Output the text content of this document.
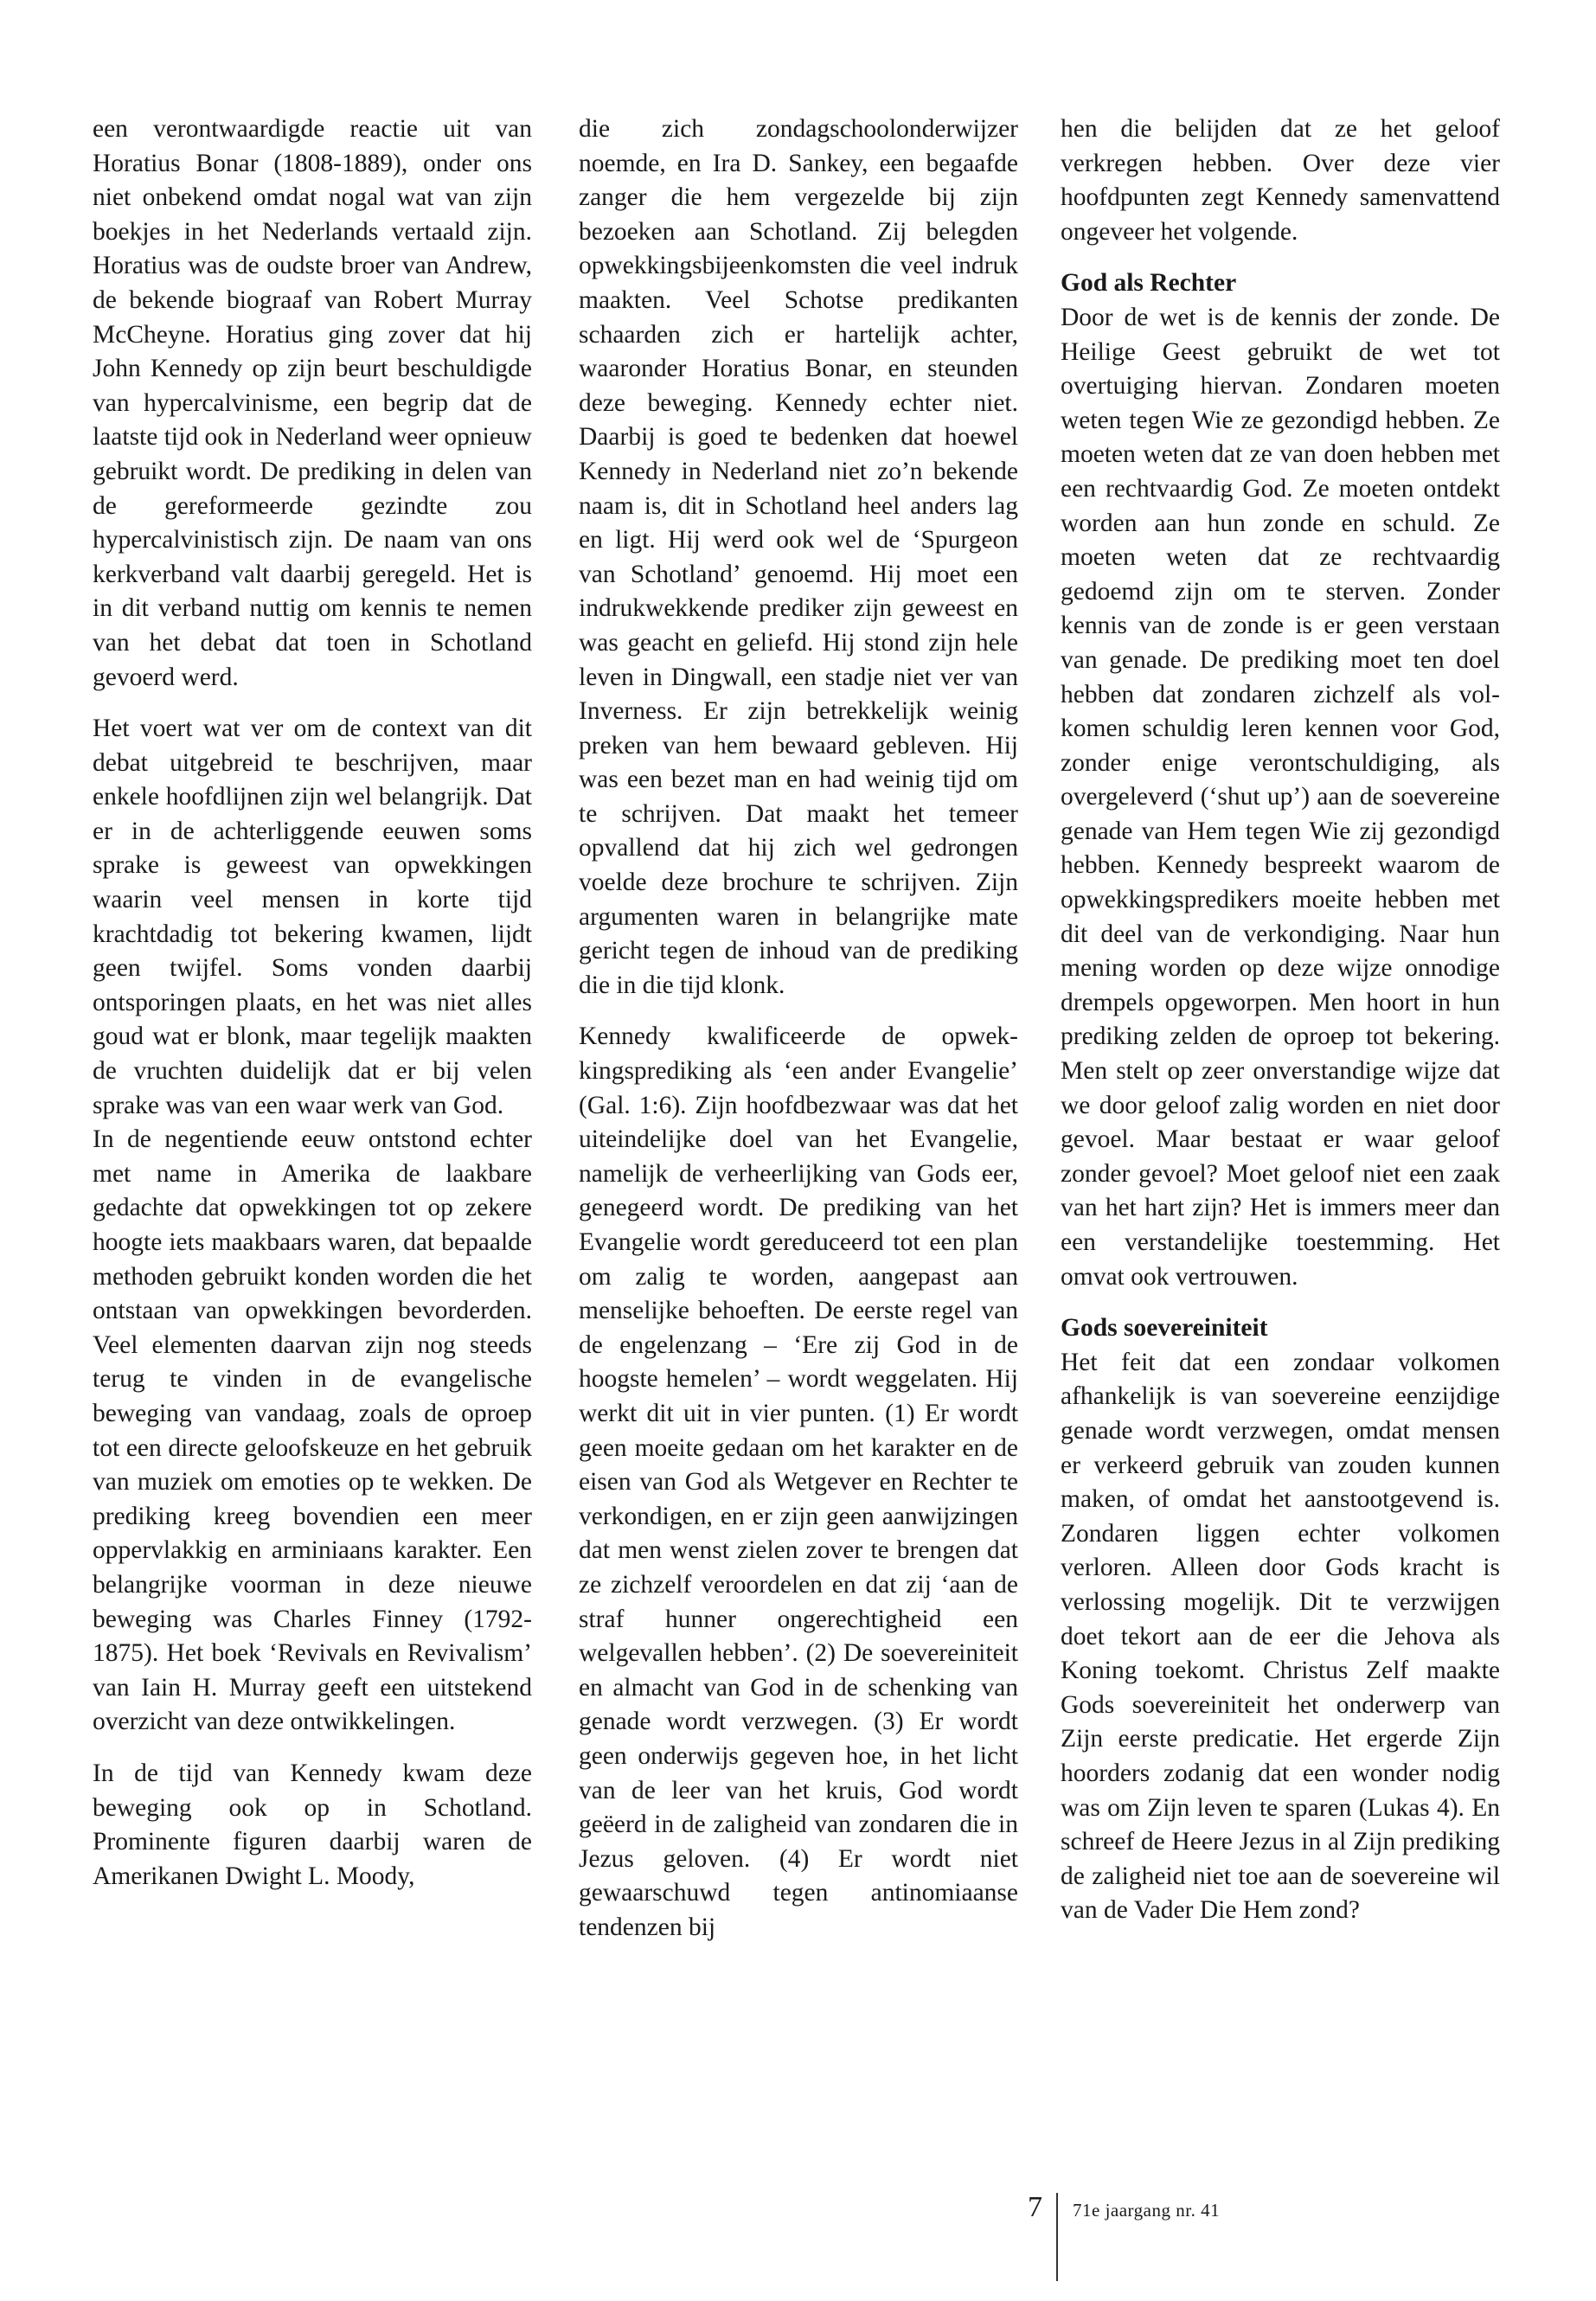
een verontwaardigde reactie uit van Horatius Bonar (1808-1889), onder ons niet onbekend omdat nogal wat van zijn boekjes in het Nederlands vertaald zijn. Horatius was de oudste broer van Andrew, de bekende biograaf van Robert Murray McCheyne. Horatius ging zover dat hij John Kennedy op zijn beurt beschuldigde van hypercalvinisme, een begrip dat de laatste tijd ook in Nederland weer opnieuw gebruikt wordt. De prediking in delen van de gereformeerde gezindte zou hypercalvinistisch zijn. De naam van ons kerkverband valt daarbij geregeld. Het is in dit verband nuttig om kennis te nemen van het debat dat toen in Schotland gevoerd werd.

Het voert wat ver om de context van dit debat uitgebreid te beschrijven, maar enkele hoofdlijnen zijn wel belangrijk. Dat er in de achterliggende eeuwen soms sprake is geweest van opwekkingen waarin veel mensen in korte tijd krachtdadig tot bekering kwamen, lijdt geen twijfel. Soms vonden daarbij ontsporingen plaats, en het was niet alles goud wat er blonk, maar tegelijk maakten de vruchten duidelijk dat er bij velen sprake was van een waar werk van God.

In de negentiende eeuw ontstond echter met name in Amerika de laakbare gedachte dat opwekkingen tot op zekere hoogte iets maakbaars waren, dat bepaalde methoden gebruikt konden worden die het ontstaan van opwekkingen bevorderden. Veel elementen daarvan zijn nog steeds terug te vinden in de evangelische beweging van vandaag, zoals de oproep tot een directe geloofskeuze en het gebruik van muziek om emoties op te wekken. De prediking kreeg bovendien een meer oppervlakkig en arminiaans karakter. Een belangrijke voorman in deze nieuwe beweging was Charles Finney (1792-1875). Het boek ‘Revivals en Revivalism’ van Iain H. Murray geeft een uitstekend overzicht van deze ontwikkelingen.

In de tijd van Kennedy kwam deze beweging ook op in Schotland. Prominente figuren daarbij waren de Amerikanen Dwight L. Moody,

die zich zondagschoolonderwijzer noemde, en Ira D. Sankey, een begaafde zanger die hem vergezelde bij zijn bezoeken aan Schotland. Zij belegden opwekkingsbijeenkomsten die veel indruk maakten. Veel Schotse predikanten schaarden zich er hartelijk achter, waaronder Horatius Bonar, en steunden deze beweging. Kennedy echter niet. Daarbij is goed te bedenken dat hoewel Kennedy in Nederland niet zo’n bekende naam is, dit in Schotland heel anders lag en ligt. Hij werd ook wel de ‘Spurgeon van Schotland’ genoemd. Hij moet een indrukwekkende prediker zijn geweest en was geacht en geliefd. Hij stond zijn hele leven in Dingwall, een stadje niet ver van Inverness. Er zijn betrekkelijk weinig preken van hem bewaard gebleven. Hij was een bezet man en had weinig tijd om te schrijven. Dat maakt het temeer opvallend dat hij zich wel gedrongen voelde deze brochure te schrijven. Zijn argumenten waren in belangrijke mate gericht tegen de inhoud van de prediking die in die tijd klonk.

Kennedy kwalificeerde de opwekkingsprediking als ‘een ander Evangelie’ (Gal. 1:6). Zijn hoofdbezwaar was dat het uiteindelijke doel van het Evangelie, namelijk de verheerlijking van Gods eer, genegeerd wordt. De prediking van het Evangelie wordt gereduceerd tot een plan om zalig te worden, aangepast aan menselijke behoeften. De eerste regel van de engelenzang – ‘Ere zij God in de hoogste hemelen’ – wordt weggelaten. Hij werkt dit uit in vier punten. (1) Er wordt geen moeite gedaan om het karakter en de eisen van God als Wetgever en Rechter te verkondigen, en er zijn geen aanwijzingen dat men wenst zielen zover te brengen dat ze zichzelf veroordelen en dat zij ‘aan de straf hunner ongerechtigheid een welgevallen hebben’. (2) De soevereiniteit en almacht van God in de schenking van genade wordt verzwegen. (3) Er wordt geen onderwijs gegeven hoe, in het licht van de leer van het kruis, God wordt geëerd in de zaligheid van zondaren die in Jezus geloven. (4) Er wordt niet gewaarschuwd tegen antinomiaanse tendenzen bij

hen die belijden dat ze het geloof verkregen hebben. Over deze vier hoofdpunten zegt Kennedy samenvattend ongeveer het volgende.

God als Rechter

Door de wet is de kennis der zonde. De Heilige Geest gebruikt de wet tot overtuiging hiervan. Zondaren moeten weten tegen Wie ze gezondigd hebben. Ze moeten weten dat ze van doen hebben met een rechtvaardig God. Ze moeten ontdekt worden aan hun zonde en schuld. Ze moeten weten dat ze rechtvaardig gedoemd zijn om te sterven. Zonder kennis van de zonde is er geen verstaan van genade. De prediking moet ten doel hebben dat zondaren zichzelf als volkomen schuldig leren kennen voor God, zonder enige verontschuldiging, als overgeleverd (‘shut up’) aan de soevereine genade van Hem tegen Wie zij gezondigd hebben. Kennedy bespreekt waarom de opwekkingspredikers moeite hebben met dit deel van de verkondiging. Naar hun mening worden op deze wijze onnodige drempels opgeworpen. Men hoort in hun prediking zelden de oproep tot bekering. Men stelt op zeer onverstandige wijze dat we door geloof zalig worden en niet door gevoel. Maar bestaat er waar geloof zonder gevoel? Moet geloof niet een zaak van het hart zijn? Het is immers meer dan een verstandelijke toestemming. Het omvat ook vertrouwen.

Gods soevereiniteit

Het feit dat een zondaar volkomen afhankelijk is van soevereine eenzijdige genade wordt verzwegen, omdat mensen er verkeerd gebruik van zouden kunnen maken, of omdat het aanstootgevend is. Zondaren liggen echter volkomen verloren. Alleen door Gods kracht is verlossing mogelijk. Dit te verzwijgen doet tekort aan de eer die Jehova als Koning toekomt. Christus Zelf maakte Gods soevereiniteit het onderwerp van Zijn eerste predicatie. Het ergerde Zijn hoorders zodanig dat een wonder nodig was om Zijn leven te sparen (Lukas 4). En schreef de Heere Jezus in al Zijn prediking de zaligheid niet toe aan de soevereine wil van de Vader Die Hem zond?

7 71e jaargang nr. 41
